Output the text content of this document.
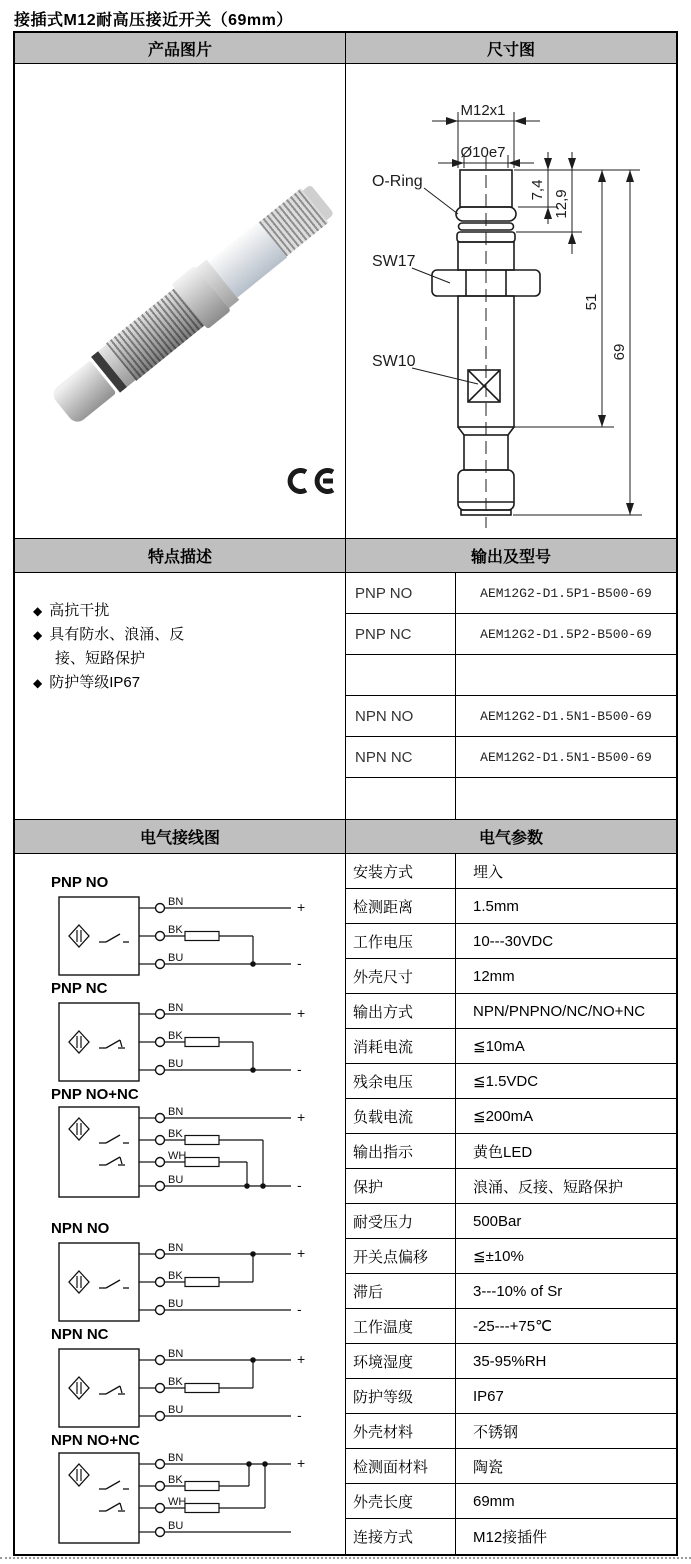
接插式M12耐高压接近开关（69mm）
产品图片	尺寸图
M12x1
Ø10e7
O-Ring
SW17
SW10
7,4 12,9
51
69
特点描述	输出及型号
◆ 高抗干扰
◆ 具有防水、浪涌、反接、短路保护
◆ 防护等级IP67
PNP NO	AEM12G2-D1.5P1-B500-69
PNP NC	AEM12G2-D1.5P2-B500-69
NPN NO	AEM12G2-D1.5N1-B500-69
NPN NC	AEM12G2-D1.5N1-B500-69
电气接线图	电气参数
PNP NO
BN	+
BK
BU	-
PNP NC
BN	+
BK
BU	-
PNP NO+NC
BN	+
BK
WH
BU	-
NPN NO
BN	+
BK
BU	-
NPN NC
BN	+
BK
BU	-
NPN NO+NC
BN	+
BK
WH
BU
安装方式	埋入
检测距离	1.5mm
工作电压	10---30VDC
外壳尺寸	12mm
输出方式	NPN/PNPNO/NC/NO+NC
消耗电流	≦10mA
残余电压	≦1.5VDC
负载电流	≦200mA
输出指示	黄色LED
保护	浪涌、反接、短路保护
耐受压力	500Bar
开关点偏移	≦±10%
滞后	3---10% of Sr
工作温度	-25---+75℃
环境湿度	35-95%RH
防护等级	IP67
外壳材料	不锈钢
检测面材料	陶瓷
外壳长度	69mm
连接方式	M12接插件
